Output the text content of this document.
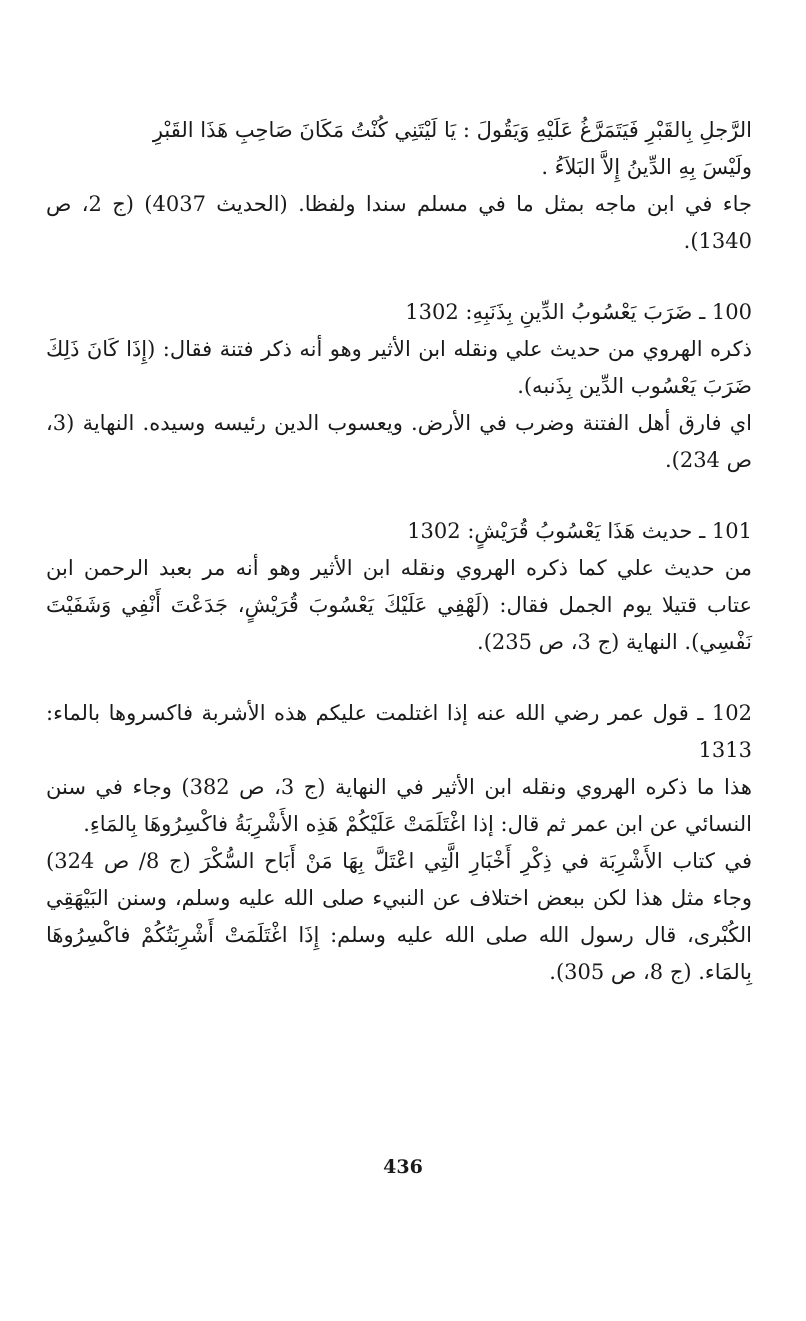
الرَّجلِ بِالقَبْرِ فَيَتَمَرَّغُ عَلَيْهِ وَيَقُولَ : يَا لَيْتَنِي كُنْتُ مَكَانَ صَاحِبِ هَذَا القَبْرِ

ولَيْسَ بِهِ الدِّينُ إِلاَّ البَلاَءُ .

جاء في ابن ماجه بمثل ما في مسلم سندا ولفظا. (الحديث 4037) (ج 2، ص 1340).

100 ـ ضَرَبَ يَعْسُوبُ الدِّينِ بِذَنَبِهِ: 1302

ذكره الهروي من حديث علي ونقله ابن الأثير وهو أنه ذكر فتنة فقال: (إِذَا كَانَ ذَلِكَ ضَرَبَ يَعْسُوب الدِّين بِذَنبه).

اي فارق أهل الفتنة وضرب في الأرض. ويعسوب الدين رئيسه وسيده. النهاية (3، ص 234).

101 ـ حديث هَذَا يَعْسُوبُ قُرَيْشٍ: 1302

من حديث علي كما ذكره الهروي ونقله ابن الأثير وهو أنه مر بعبد الرحمن ابن عتاب قتيلا يوم الجمل فقال: (لَهْفِي عَلَيْكَ يَعْسُوبَ قُرَيْشٍ، جَدَعْتَ أَنْفِي وَشَفَيْتَ نَفْسِي). النهاية (ج 3، ص 235).

102 ـ قول عمر رضي الله عنه إذا اغتلمت عليكم هذه الأشربة فاكسروها بالماء: 1313

هذا ما ذكره الهروي ونقله ابن الأثير في النهاية (ج 3، ص 382) وجاء في سنن النسائي عن ابن عمر ثم قال: إذا اغْتَلَمَتْ عَلَيْكُمْ هَذِه الأَشْرِبَةُ فاكْسِرُوهَا بِالمَاءِ.

في كتاب الأَشْرِبَة في ذِكْرِ أَخْبَارِ الَّتِي اعْتَلَّ بِهَا مَنْ أَبَاح السُّكْرَ (ج 8/ ص 324) وجاء مثل هذا لكن ببعض اختلاف عن النبيء صلى الله عليه وسلم، وسنن البَيْهَقِي الكُبْرى، قال رسول الله صلى الله عليه وسلم: إِذَا اغْتَلَمَتْ أَشْرِبَتُكُمْ فاكْسِرُوهَا بِالمَاء. (ج 8، ص 305).

436
